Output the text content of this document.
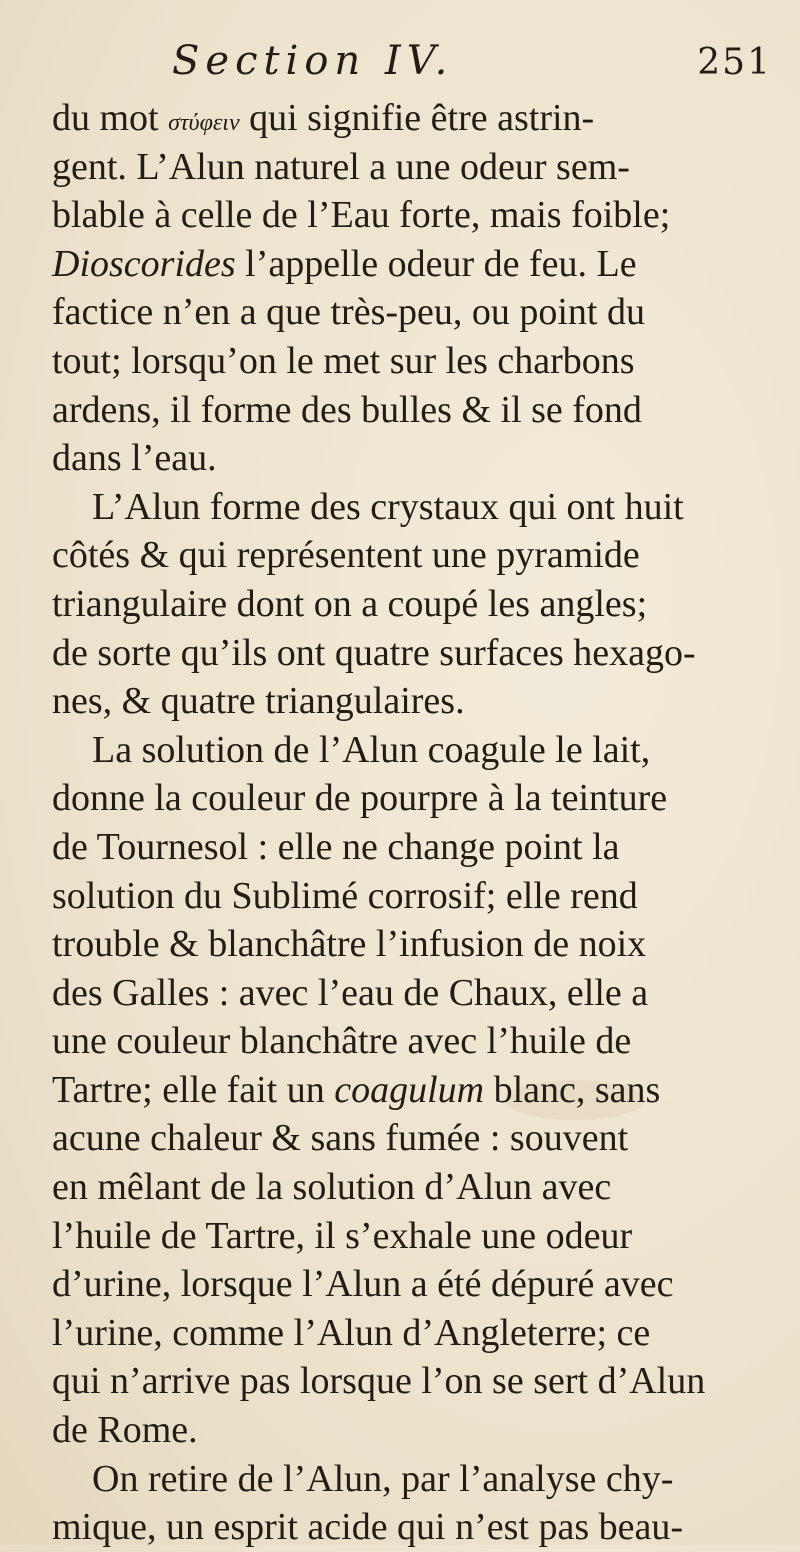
Section IV.	251

du mot στύφειν qui signifie être astrin-
gent. L’Alun naturel a une odeur sem-
blable à celle de l’Eau forte, mais foible;
Dioscorides l’appelle odeur de feu. Le
factice n’en a que très-peu, ou point du
tout; lorsqu’on le met sur les charbons
ardens, il forme des bulles & il se fond
dans l’eau.
L’Alun forme des crystaux qui ont huit
côtés & qui représentent une pyramide
triangulaire dont on a coupé les angles;
de sorte qu’ils ont quatre surfaces hexago-
nes, & quatre triangulaires.
La solution de l’Alun coagule le lait,
donne la couleur de pourpre à la teinture
de Tournesol : elle ne change point la
solution du Sublimé corrosif; elle rend
trouble & blanchâtre l’infusion de noix
des Galles : avec l’eau de Chaux, elle a
une couleur blanchâtre avec l’huile de
Tartre; elle fait un coagulum blanc, sans
acune chaleur & sans fumée : souvent
en mêlant de la solution d’Alun avec
l’huile de Tartre, il s’exhale une odeur
d’urine, lorsque l’Alun a été dépuré avec
l’urine, comme l’Alun d’Angleterre; ce
qui n’arrive pas lorsque l’on se sert d’Alun
de Rome.
On retire de l’Alun, par l’analyse chy-
mique, un esprit acide qui n’est pas beau-
